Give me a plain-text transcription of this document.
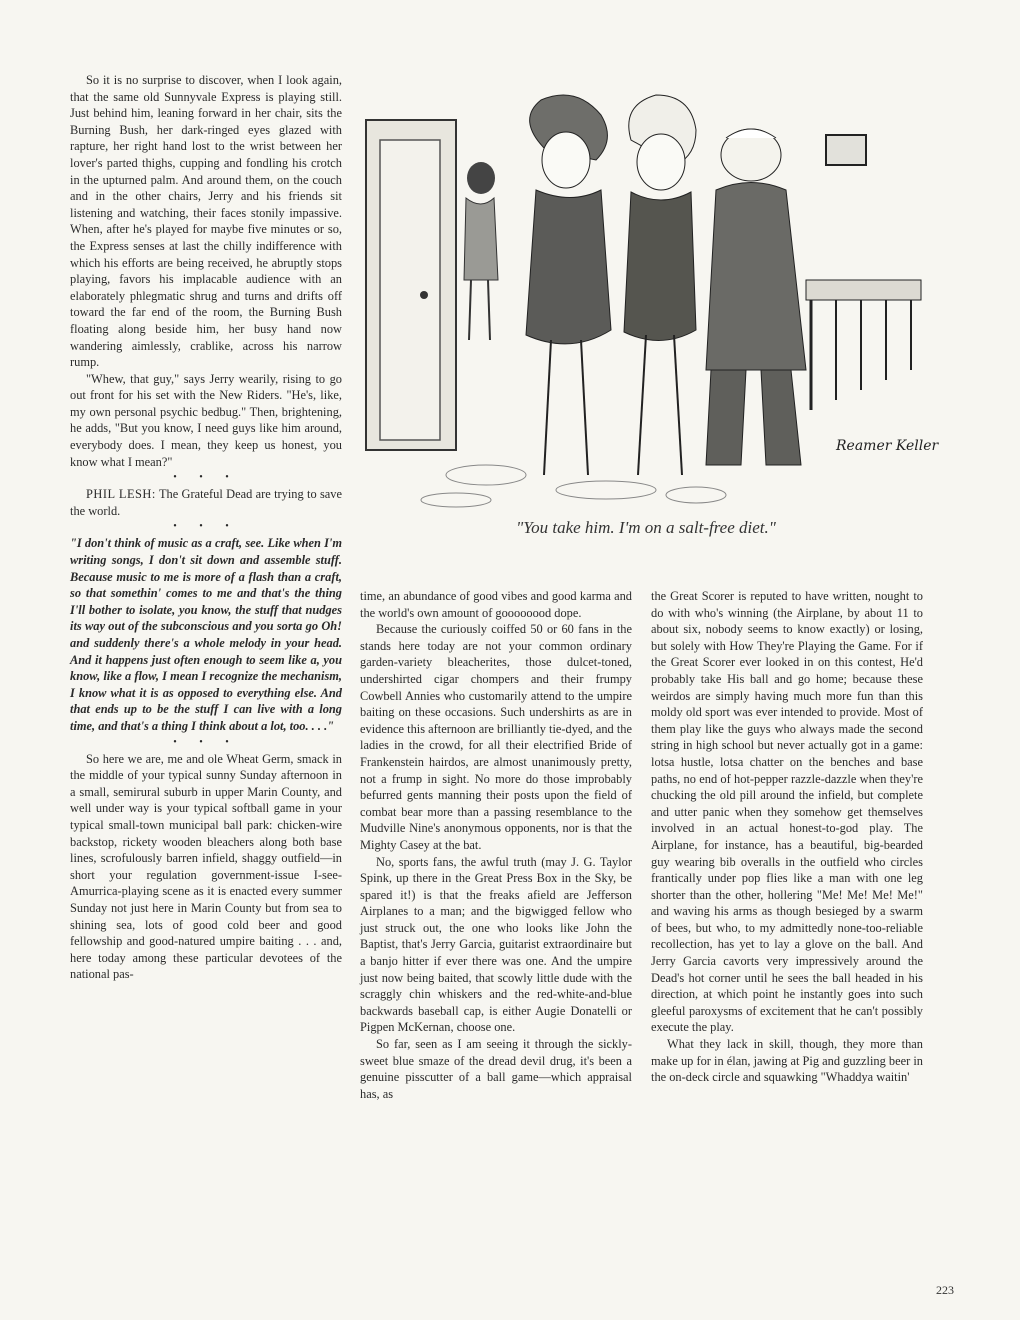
So it is no surprise to discover, when I look again, that the same old Sunnyvale Express is playing still. Just behind him, leaning forward in her chair, sits the Burning Bush, her dark-ringed eyes glazed with rapture, her right hand lost to the wrist between her lover's parted thighs, cupping and fondling his crotch in the upturned palm. And around them, on the couch and in the other chairs, Jerry and his friends sit listening and watching, their faces stonily impassive. When, after he's played for maybe five minutes or so, the Express senses at last the chilly indifference with which his efforts are being received, he abruptly stops playing, favors his implacable audience with an elaborately phlegmatic shrug and turns and drifts off toward the far end of the room, the Burning Bush floating along beside him, her busy hand now wandering aimlessly, crablike, across his narrow rump.

"Whew, that guy," says Jerry wearily, rising to go out front for his set with the New Riders. "He's, like, my own personal psychic bedbug." Then, brightening, he adds, "But you know, I need guys like him around, everybody does. I mean, they keep us honest, you know what I mean?"

• • •

PHIL LESH: The Grateful Dead are trying to save the world.

• • •

"I don't think of music as a craft, see. Like when I'm writing songs, I don't sit down and assemble stuff. Because music to me is more of a flash than a craft, so that somethin' comes to me and that's the thing I'll bother to isolate, you know, the stuff that nudges its way out of the subconscious and you sorta go Oh! and suddenly there's a whole melody in your head. And it happens just often enough to seem like a, you know, like a flow, I mean I recognize the mechanism, I know what it is as opposed to everything else. And that ends up to be the stuff I can live with a long time, and that's a thing I think about a lot, too. . . ."

• • •

So here we are, me and ole Wheat Germ, smack in the middle of your typical sunny Sunday afternoon in a small, semirural suburb in upper Marin County, and well under way is your typical softball game in your typical small-town municipal ball park: chicken-wire backstop, rickety wooden bleachers along both base lines, scrofulously barren infield, shaggy outfield—in short your regulation government-issue I-see-Amurrica-playing scene as it is enacted every summer Sunday not just here in Marin County but from sea to shining sea, lots of good cold beer and good fellowship and good-natured umpire baiting . . . and, here today among these particular devotees of the national pas-

Reamer Keller
"You take him. I'm on a salt-free diet."

time, an abundance of good vibes and good karma and the world's own amount of goooooood dope.

Because the curiously coiffed 50 or 60 fans in the stands here today are not your common ordinary garden-variety bleacherites, those dulcet-toned, undershirted cigar chompers and their frumpy Cowbell Annies who customarily attend to the umpire baiting on these occasions. Such undershirts as are in evidence this afternoon are brilliantly tie-dyed, and the ladies in the crowd, for all their electrified Bride of Frankenstein hairdos, are almost unanimously pretty, not a frump in sight. No more do those improbably befurred gents manning their posts upon the field of combat bear more than a passing resemblance to the Mudville Nine's anonymous opponents, nor is that the Mighty Casey at the bat.

No, sports fans, the awful truth (may J. G. Taylor Spink, up there in the Great Press Box in the Sky, be spared it!) is that the freaks afield are Jefferson Airplanes to a man; and the bigwigged fellow who just struck out, the one who looks like John the Baptist, that's Jerry Garcia, guitarist extraordinaire but a banjo hitter if ever there was one. And the umpire just now being baited, that scowly little dude with the scraggly chin whiskers and the red-white-and-blue backwards baseball cap, is either Augie Donatelli or Pigpen McKernan, choose one.

So far, seen as I am seeing it through the sickly-sweet blue smaze of the dread devil drug, it's been a genuine pisscutter of a ball game—which appraisal has, as

the Great Scorer is reputed to have written, nought to do with who's winning (the Airplane, by about 11 to about six, nobody seems to know exactly) or losing, but solely with How They're Playing the Game. For if the Great Scorer ever looked in on this contest, He'd probably take His ball and go home; because these weirdos are simply having much more fun than this moldy old sport was ever intended to provide. Most of them play like the guys who always made the second string in high school but never actually got in a game: lotsa hustle, lotsa chatter on the benches and base paths, no end of hot-pepper razzle-dazzle when they're chucking the old pill around the infield, but complete and utter panic when they somehow get themselves involved in an actual honest-to-god play. The Airplane, for instance, has a beautiful, big-bearded guy wearing bib overalls in the outfield who circles frantically under pop flies like a man with one leg shorter than the other, hollering "Me! Me! Me! Me!" and waving his arms as though besieged by a swarm of bees, but who, to my admittedly none-too-reliable recollection, has yet to lay a glove on the ball. And Jerry Garcia cavorts very impressively around the Dead's hot corner until he sees the ball headed in his direction, at which point he instantly goes into such gleeful paroxysms of excitement that he can't possibly execute the play.

What they lack in skill, though, they more than make up for in élan, jawing at Pig and guzzling beer in the on-deck circle and squawking "Whaddya waitin'

223
